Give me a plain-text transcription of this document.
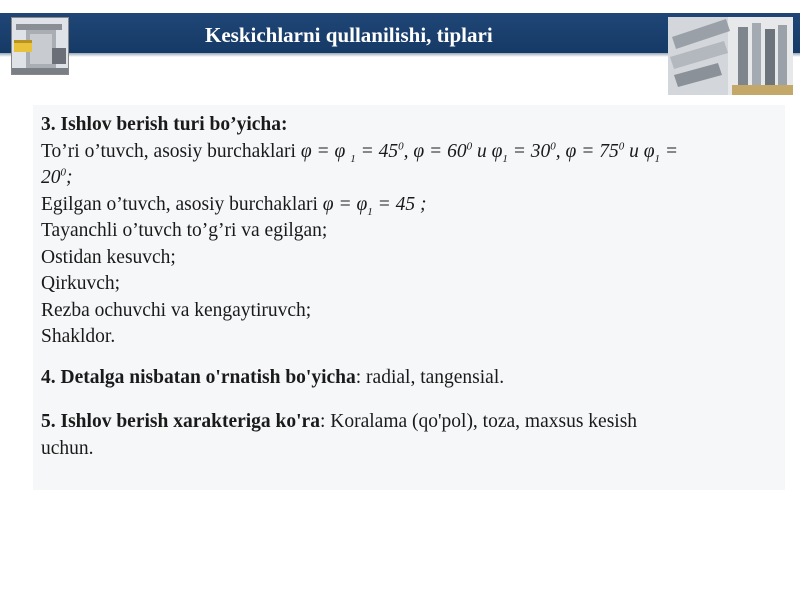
Keskichlarni qullanilishi, tiplari
3. Ishlov berish turi bo’yicha:
To’ri o’tuvch, asosiy burchaklari φ = φ $_1 = 45^0$, $\varphi = 60^0$ и $\varphi_1 = 30^0$, $\varphi = 75^0$ и $\varphi_1$ =
$20^0$;
Egilgan o’tuvch, asosiy burchaklari $\varphi = \varphi_1 = 45$ ;
Tayanchli o’tuvch to’g’ri va egilgan;
Ostidan kesuvch;
Qirkuvch;
Rezba ochuvchi va kengaytiruvch;
Shakldor.
4. Detalga nisbatan o'rnatish bo'yicha: radial, tangensial.
5. Ishlov berish xarakteriga ko'ra: Koralama (qo'pol), toza, maxsus kesish
uchun.
